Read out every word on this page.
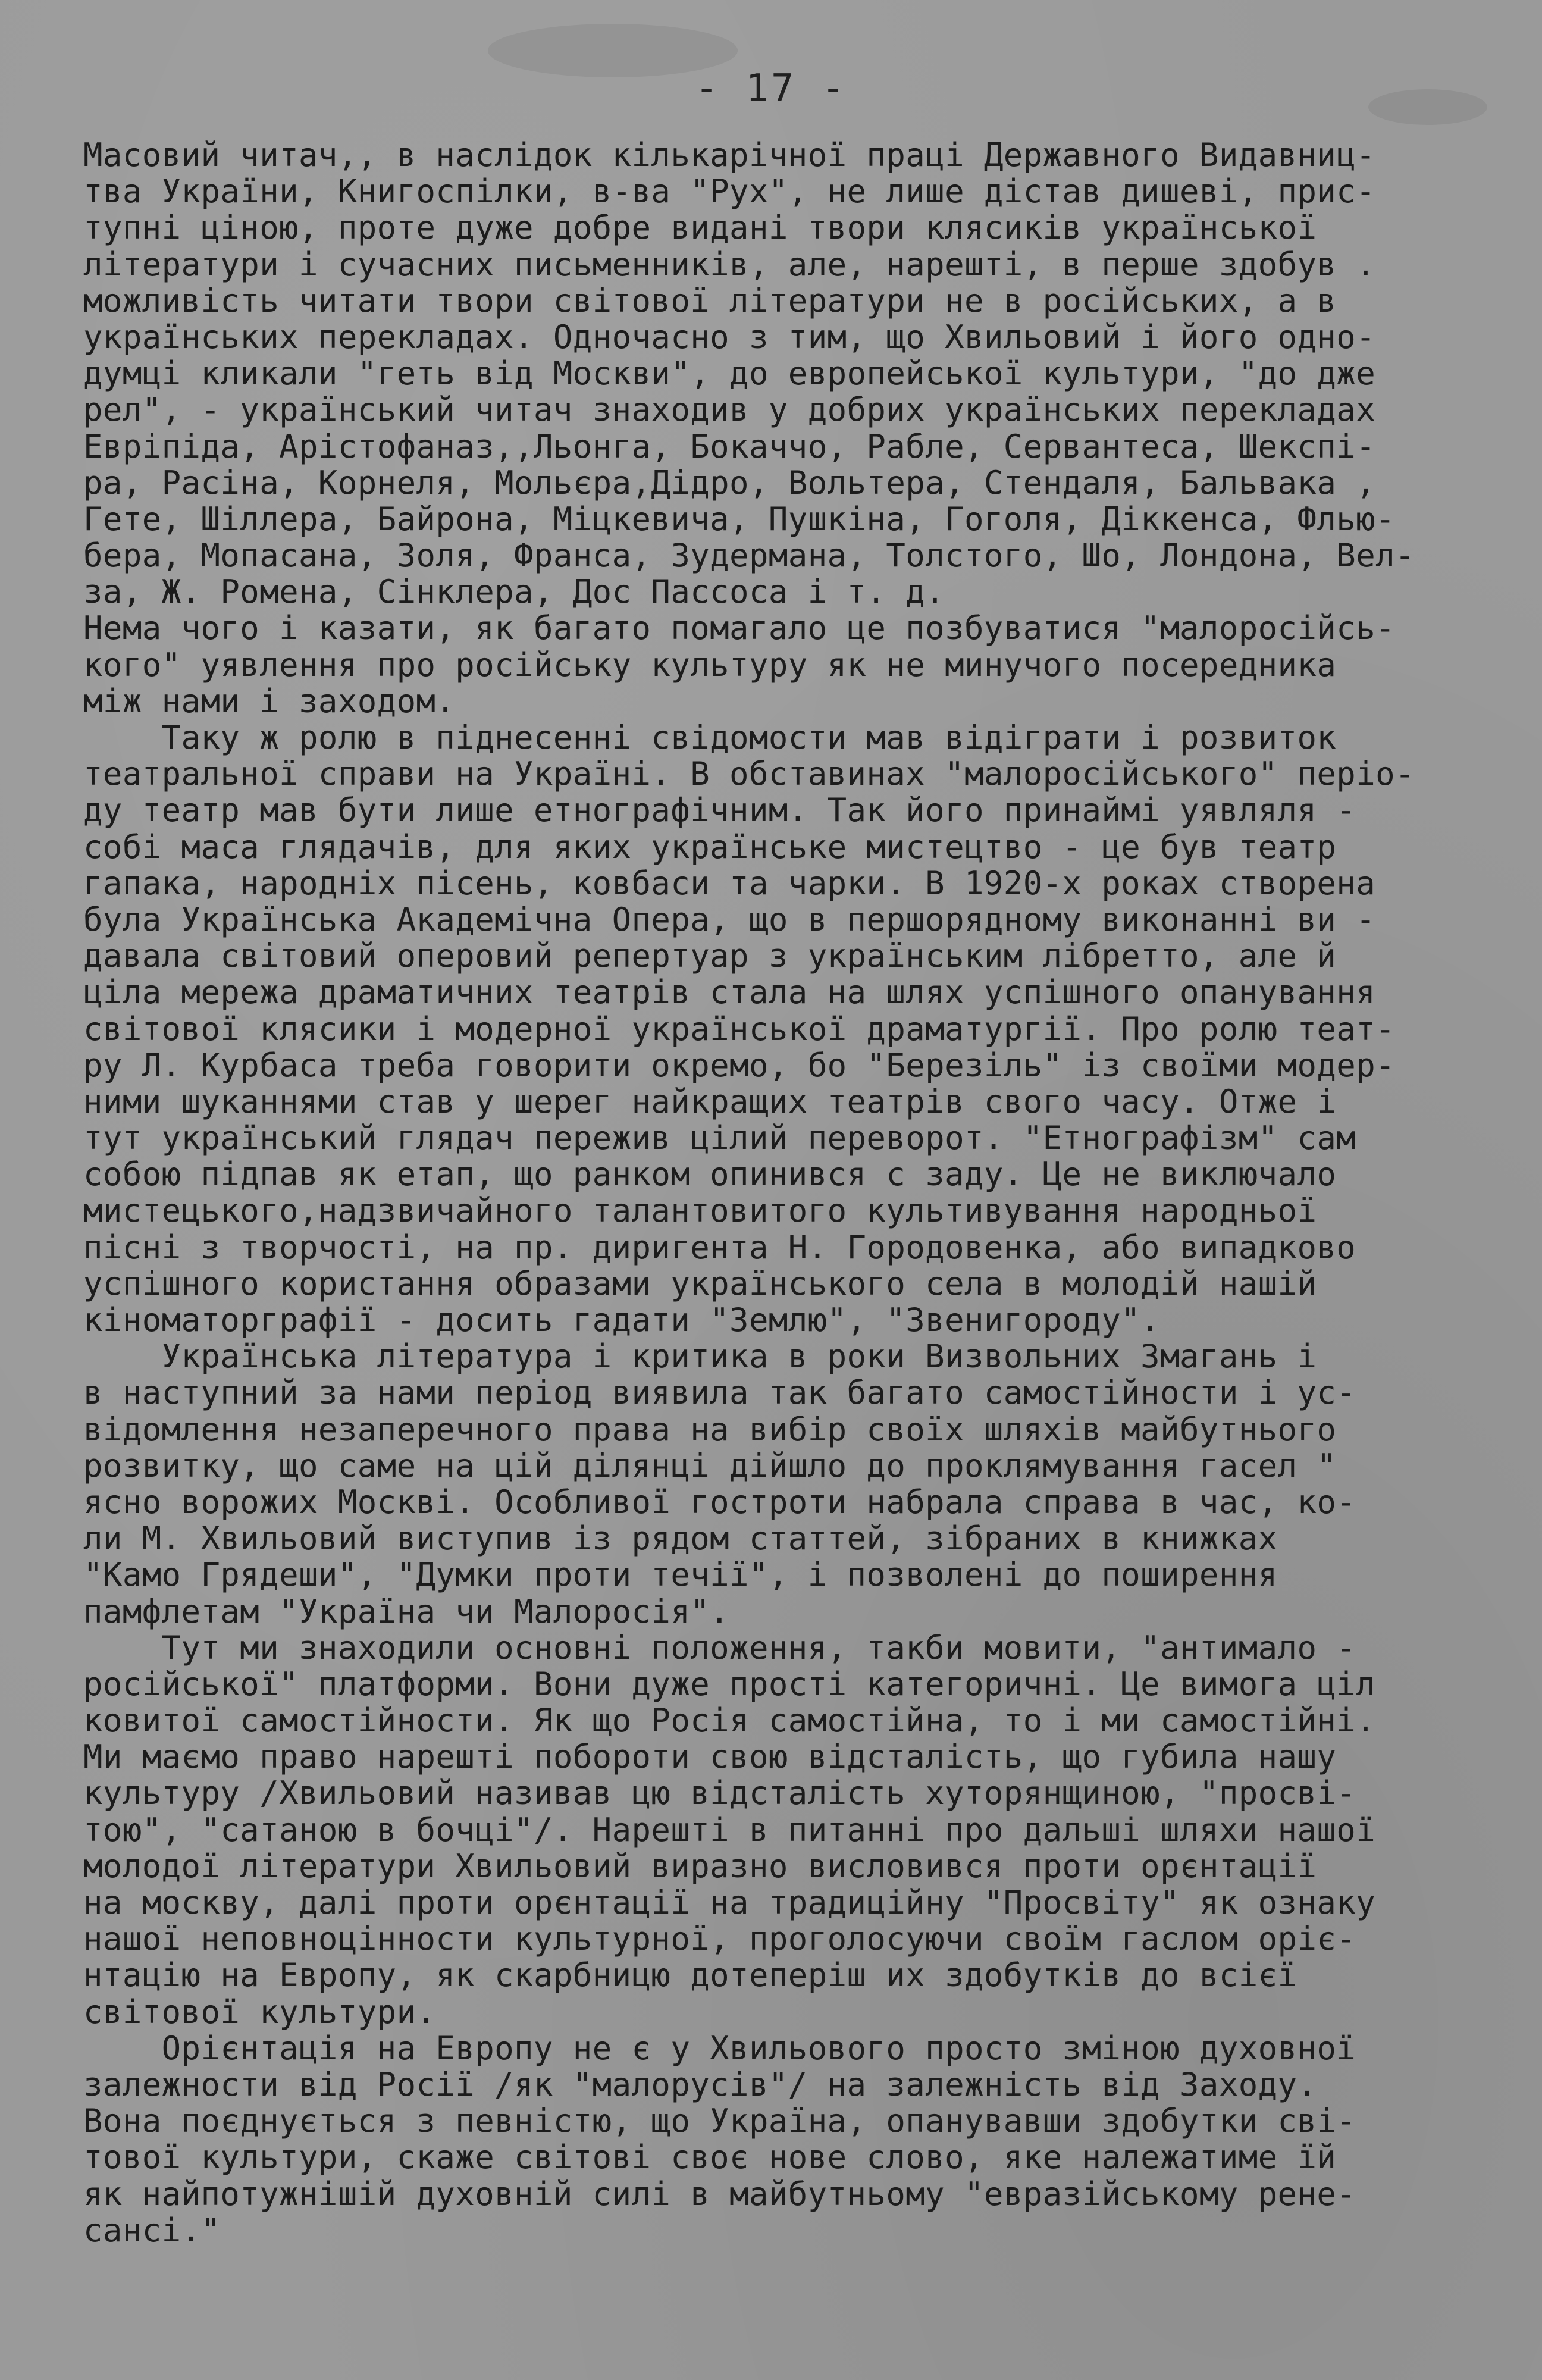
- 17 -
Масовий читач,, в наслідок кількарічної праці Державного Видавниц-
тва України, Книгоспілки, в-ва "Рух", не лише дістав дишеві, прис-
тупні ціною, проте дуже добре видані твори клясиків української
літератури і сучасних письменників, але, нарешті, в перше здобув .
можливість читати твори світової літератури не в російських, а в
українських перекладах. Одночасно з тим, що Хвильовий і його одно-
думці кликали "геть від Москви", до европейської культури, "до дже
рел", - український читач знаходив у добрих українських перекладах
Евріпіда, Арістофаназ,,Льонга, Бокаччо, Рабле, Сервантеса, Шекспі-
ра, Расіна, Корнеля, Мольєра,Дідро, Вольтера, Стендаля, Бальвака ,
Гете, Шіллера, Байрона, Міцкевича, Пушкіна, Гоголя, Діккенса, Флью-
бера, Мопасана, Золя, Франса, Зудермана, Толстого, Шо, Лондона, Вел-
за, Ж. Ромена, Сінклера, Дос Пассоса і т. д.
Нема чого і казати, як багато помагало це позбуватися "малоросійсь-
кого" уявлення про російську культуру як не минучого посередника
між нами і заходом.
Таку ж ролю в піднесенні свідомости мав відіграти і розвиток
театральної справи на Україні. В обставинах "малоросійського" періо-
ду театр мав бути лише етнографічним. Так його принаймі уявляля -
собі маса глядачів, для яких українське мистецтво - це був театр
гапака, народніх пісень, ковбаси та чарки. В 1920-х роках створена
була Українська Академічна Опера, що в першорядному виконанні ви -
давала світовий оперовий репертуар з українським лібретто, але й
ціла мережа драматичних театрів стала на шлях успішного опанування
світової клясики і модерної української драматургії. Про ролю теат-
ру Л. Курбаса треба говорити окремо, бо "Березіль" із своїми модер-
ними шуканнями став у шерег найкращих театрів свого часу. Отже і
тут український глядач пережив цілий переворот. "Етнографізм" сам
собою підпав як етап, що ранком опинився с заду. Це не виключало
мистецького,надзвичайного талантовитого культивування народньої
пісні з творчості, на пр. диригента Н. Городовенка, або випадково
успішного користання образами українського села в молодій нашій
кіноматорграфії - досить гадати "Землю", "Звенигороду".
Українська література і критика в роки Визвольних Змагань і
в наступний за нами період виявила так багато самостійности і ус-
відомлення незаперечного права на вибір своїх шляхів майбутнього
розвитку, що саме на цій ділянці дійшло до проклямування гасел "
ясно ворожих Москві. Особливої гостроти набрала справа в час, ко-
ли М. Хвильовий виступив із рядом статтей, зібраних в книжках
"Камо Грядеши", "Думки проти течії", і позволені до поширення
памфлетам "Україна чи Малоросія".
Тут ми знаходили основні положення, такби мовити, "антимало -
російської" платформи. Вони дуже прості категоричні. Це вимога ціл
ковитої самостійности. Як що Росія самостійна, то і ми самостійні.
Ми маємо право нарешті побороти свою відсталість, що губила нашу
культуру /Хвильовий називав цю відсталість хуторянщиною, "просві-
тою", "сатаною в бочці"/. Нарешті в питанні про дальші шляхи нашої
молодої літератури Хвильовий виразно висловився проти орєнтації
на москву, далі проти орєнтації на традиційну "Просвіту" як ознаку
нашої неповноцінности культурної, проголосуючи своїм гаслом оріє-
нтацію на Европу, як скарбницю дотеперіш их здобутків до всієї
світової культури.
Орієнтація на Европу не є у Хвильового просто зміною духовної
залежности від Росії /як "малорусів"/ на залежність від Заходу.
Вона поєднується з певністю, що Україна, опанувавши здобутки сві-
тової культури, скаже світові своє нове слово, яке належатиме їй
як найпотужнішій духовній силі в майбутньому "евразійському ренe-
сансі."
